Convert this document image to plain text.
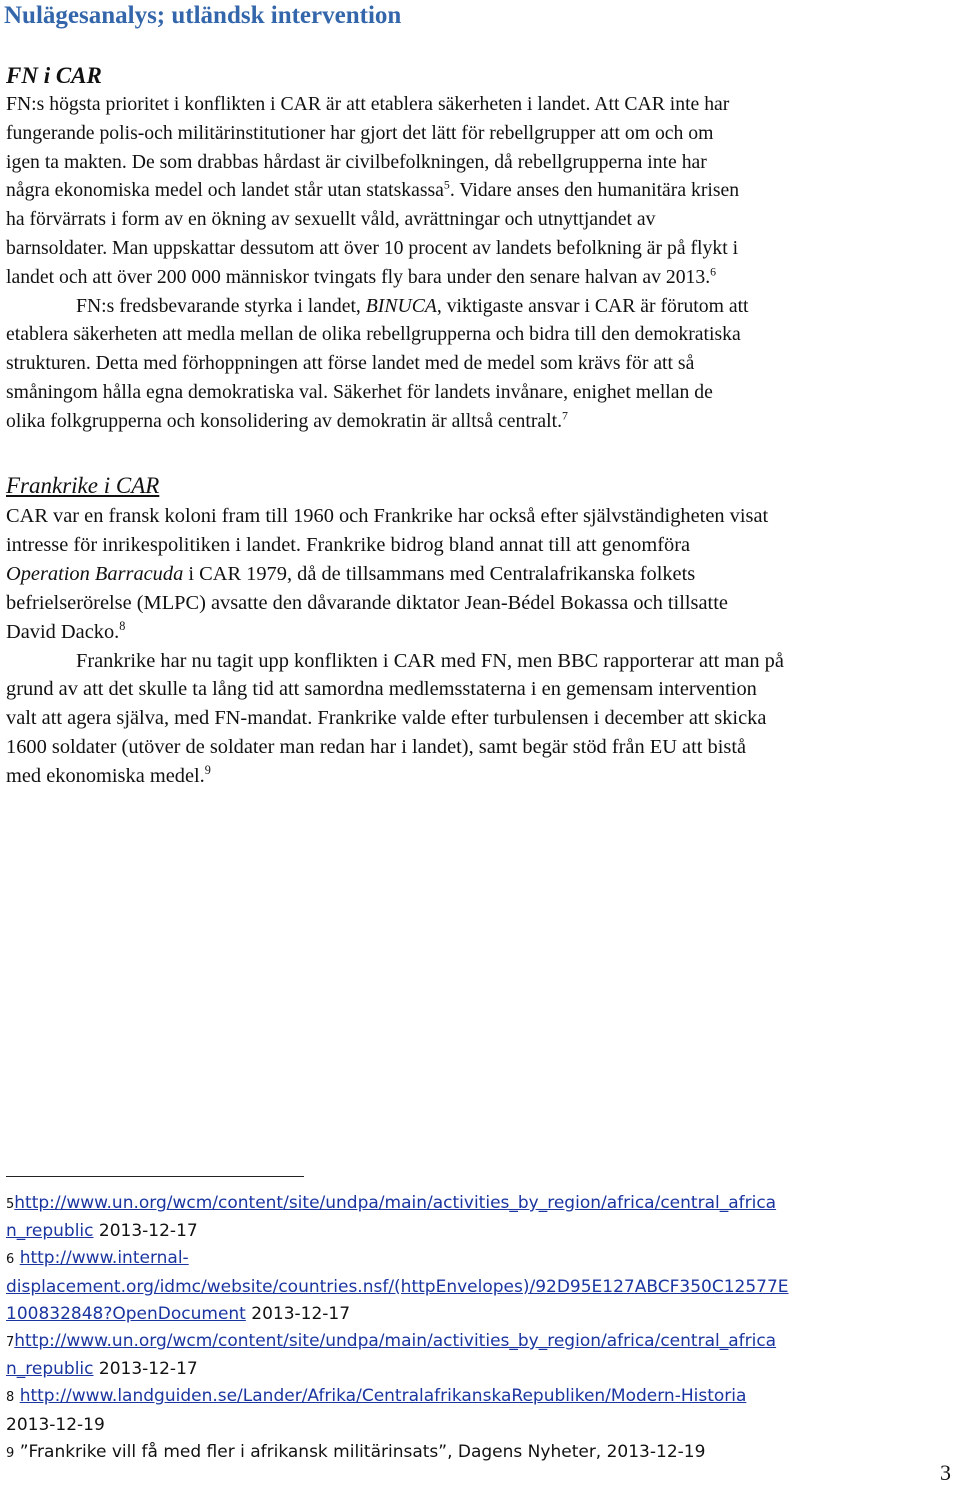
Nulägesanalys; utländsk intervention
FN i CAR
FN:s högsta prioritet i konflikten i CAR är att etablera säkerheten i landet. Att CAR inte har
fungerande polis-och militärinstitutioner har gjort det lätt för rebellgrupper att om och om
igen ta makten. De som drabbas hårdast är civilbefolkningen, då rebellgrupperna inte har
några ekonomiska medel och landet står utan statskassa$^5$. Vidare anses den humanitära krisen
ha förvärrats i form av en ökning av sexuellt våld, avrättningar och utnyttjandet av
barnsoldater. Man uppskattar dessutom att över 10 procent av landets befolkning är på flykt i
landet och att över 200 000 människor tvingats fly bara under den senare halvan av 2013.$^6$
FN:s fredsbevarande styrka i landet, BINUCA, viktigaste ansvar i CAR är förutom att
etablera säkerheten att medla mellan de olika rebellgrupperna och bidra till den demokratiska
strukturen. Detta med förhoppningen att förse landet med de medel som krävs för att så
småningom hålla egna demokratiska val. Säkerhet för landets invånare, enighet mellan de
olika folkgrupperna och konsolidering av demokratin är alltså centralt.$^7$
Frankrike i CAR
CAR var en fransk koloni fram till 1960 och Frankrike har också efter självständigheten visat
intresse för inrikespolitiken i landet. Frankrike bidrog bland annat till att genomföra
Operation Barracuda i CAR 1979, då de tillsammans med Centralafrikanska folkets
befrielserörelse (MLPC) avsatte den dåvarande diktator Jean-Bédel Bokassa och tillsatte
David Dacko.$^8$
Frankrike har nu tagit upp konflikten i CAR med FN, men BBC rapporterar att man på
grund av att det skulle ta lång tid att samordna medlemsstaterna i en gemensam intervention
valt att agera själva, med FN-mandat. Frankrike valde efter turbulensen i december att skicka
1600 soldater (utöver de soldater man redan har i landet), samt begär stöd från EU att bistå
med ekonomiska medel.$^9$
5http://www.un.org/wcm/content/site/undpa/main/activities_by_region/africa/central_africa
n_republic 2013-12-17
6 http://www.internal-
displacement.org/idmc/website/countries.nsf/(httpEnvelopes)/92D95E127ABCF350C12577E
100832848?OpenDocument 2013-12-17
7http://www.un.org/wcm/content/site/undpa/main/activities_by_region/africa/central_africa
n_republic 2013-12-17
8 http://www.landguiden.se/Lander/Afrika/CentralafrikanskaRepubliken/Modern-Historia
2013-12-19
9 ”Frankrike vill få med fler i afrikansk militärinsats”, Dagens Nyheter, 2013-12-19
3
